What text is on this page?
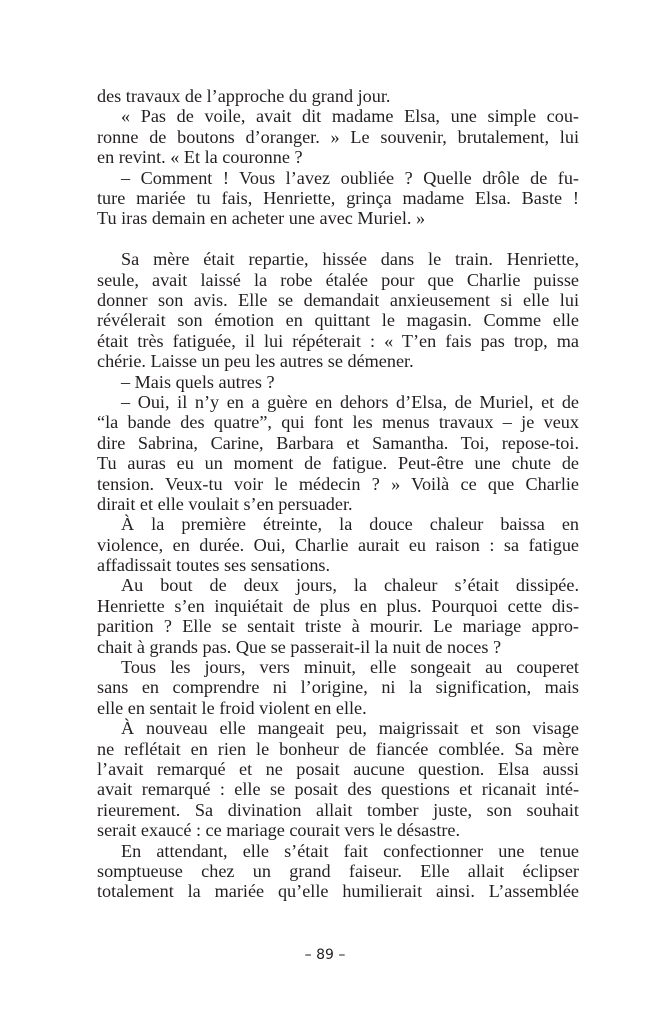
des travaux de l’approche du grand jour.
« Pas de voile, avait dit madame Elsa, une simple cou-
ronne de boutons d’oranger. » Le souvenir, brutalement, lui
en revint. « Et la couronne ?
– Comment ! Vous l’avez oubliée ? Quelle drôle de fu-
ture mariée tu fais, Henriette, grinça madame Elsa. Baste !
Tu iras demain en acheter une avec Muriel. »
Sa mère était repartie, hissée dans le train. Henriette,
seule, avait laissé la robe étalée pour que Charlie puisse
donner son avis. Elle se demandait anxieusement si elle lui
révélerait son émotion en quittant le magasin. Comme elle
était très fatiguée, il lui répéterait : « T’en fais pas trop, ma
chérie. Laisse un peu les autres se démener.
– Mais quels autres ?
– Oui, il n’y en a guère en dehors d’Elsa, de Muriel, et de
“la bande des quatre”, qui font les menus travaux – je veux
dire Sabrina, Carine, Barbara et Samantha. Toi, repose-toi.
Tu auras eu un moment de fatigue. Peut-être une chute de
tension. Veux-tu voir le médecin ? » Voilà ce que Charlie
dirait et elle voulait s’en persuader.
À la première étreinte, la douce chaleur baissa en
violence, en durée. Oui, Charlie aurait eu raison : sa fatigue
affadissait toutes ses sensations.
Au bout de deux jours, la chaleur s’était dissipée.
Henriette s’en inquiétait de plus en plus. Pourquoi cette dis-
parition ? Elle se sentait triste à mourir. Le mariage appro-
chait à grands pas. Que se passerait-il la nuit de noces ?
Tous les jours, vers minuit, elle songeait au couperet
sans en comprendre ni l’origine, ni la signification, mais
elle en sentait le froid violent en elle.
À nouveau elle mangeait peu, maigrissait et son visage
ne reflétait en rien le bonheur de fiancée comblée. Sa mère
l’avait remarqué et ne posait aucune question. Elsa aussi
avait remarqué : elle se posait des questions et ricanait inté-
rieurement. Sa divination allait tomber juste, son souhait
serait exaucé : ce mariage courait vers le désastre.
En attendant, elle s’était fait confectionner une tenue
somptueuse chez un grand faiseur. Elle allait éclipser
totalement la mariée qu’elle humilierait ainsi. L’assemblée
– 89 –
